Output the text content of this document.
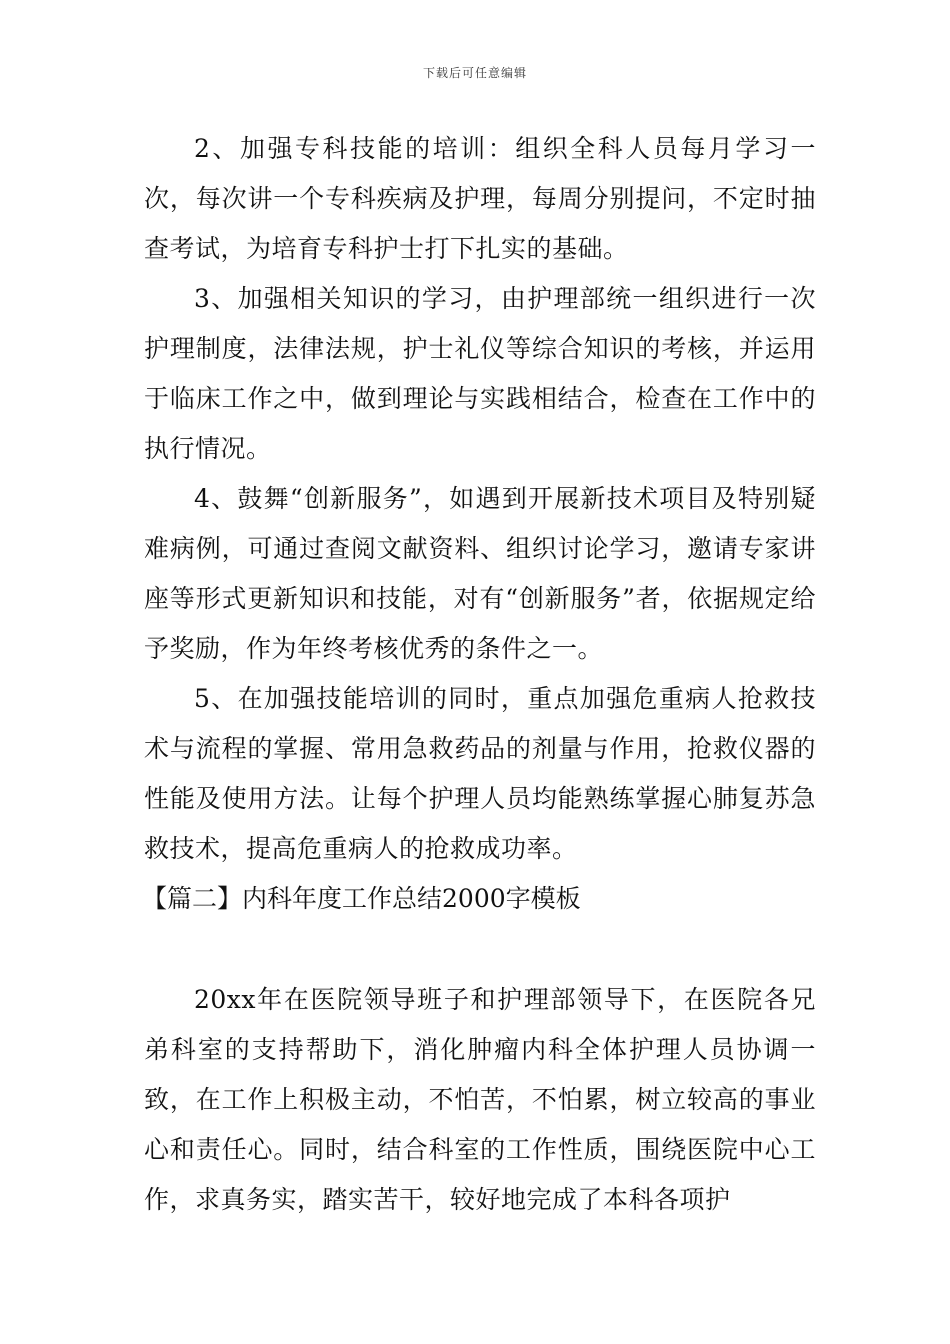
下载后可任意编辑

2、加强专科技能的培训：组织全科人员每月学习一次，每次讲一个专科疾病及护理，每周分别提问，不定时抽查考试，为培育专科护士打下扎实的基础。

3、加强相关知识的学习，由护理部统一组织进行一次护理制度，法律法规，护士礼仪等综合知识的考核，并运用于临床工作之中，做到理论与实践相结合，检查在工作中的执行情况。

4、鼓舞“创新服务”，如遇到开展新技术项目及特别疑难病例，可通过查阅文献资料、组织讨论学习，邀请专家讲座等形式更新知识和技能，对有“创新服务”者，依据规定给予奖励，作为年终考核优秀的条件之一。

5、在加强技能培训的同时，重点加强危重病人抢救技术与流程的掌握、常用急救药品的剂量与作用，抢救仪器的性能及使用方法。让每个护理人员均能熟练掌握心肺复苏急救技术，提高危重病人的抢救成功率。

【篇二】内科年度工作总结2000字模板

20xx年在医院领导班子和护理部领导下，在医院各兄弟科室的支持帮助下，消化肿瘤内科全体护理人员协调一致，在工作上积极主动，不怕苦，不怕累，树立较高的事业心和责任心。同时，结合科室的工作性质，围绕医院中心工作，求真务实，踏实苦干，较好地完成了本科各项护
